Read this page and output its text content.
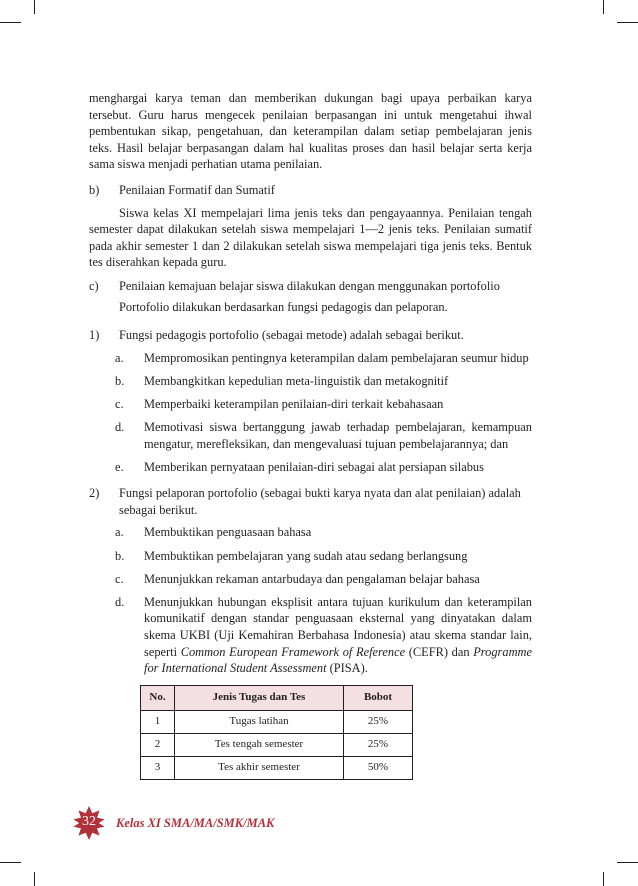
menghargai karya teman dan memberikan dukungan bagi upaya perbaikan karya tersebut. Guru harus mengecek penilaian berpasangan ini untuk mengetahui ihwal pembentukan sikap, pengetahuan, dan keterampilan dalam setiap pembelajaran jenis teks. Hasil belajar berpasangan dalam hal kualitas proses dan hasil belajar serta kerja sama siswa menjadi perhatian utama penilaian.

b) Penilaian Formatif dan Sumatif

Siswa kelas XI mempelajari lima jenis teks dan pengayaannya. Penilaian tengah semester dapat dilakukan setelah siswa mempelajari 1—2 jenis teks. Penilaian sumatif pada akhir semester 1 dan 2 dilakukan setelah siswa mempelajari tiga jenis teks. Bentuk tes diserahkan kepada guru.

c) Penilaian kemajuan belajar siswa dilakukan dengan menggunakan portofolio

Portofolio dilakukan berdasarkan fungsi pedagogis dan pelaporan.

1) Fungsi pedagogis portofolio (sebagai metode) adalah sebagai berikut.
a. Mempromosikan pentingnya keterampilan dalam pembelajaran seumur hidup
b. Membangkitkan kepedulian meta-linguistik dan metakognitif
c. Memperbaiki keterampilan penilaian-diri terkait kebahasaan
d. Memotivasi siswa bertanggung jawab terhadap pembelajaran, kemampuan mengatur, merefleksikan, dan mengevaluasi tujuan pembelajarannya; dan
e. Memberikan pernyataan penilaian-diri sebagai alat persiapan silabus
2) Fungsi pelaporan portofolio (sebagai bukti karya nyata dan alat penilaian) adalah sebagai berikut.
a. Membuktikan penguasaan bahasa
b. Membuktikan pembelajaran yang sudah atau sedang berlangsung
c. Menunjukkan rekaman antarbudaya dan pengalaman belajar bahasa
d. Menunjukkan hubungan eksplisit antara tujuan kurikulum dan keterampilan komunikatif dengan standar penguasaan eksternal yang dinyatakan dalam skema UKBI (Uji Kemahiran Berbahasa Indonesia) atau skema standar lain, seperti Common European Framework of Reference (CEFR) dan Programme for International Student Assessment (PISA).
No.	Jenis Tugas dan Tes	Bobot
1	Tugas latihan	25%
2	Tes tengah semester	25%
3	Tes akhir semester	50%
32	Kelas XI SMA/MA/SMK/MAK
